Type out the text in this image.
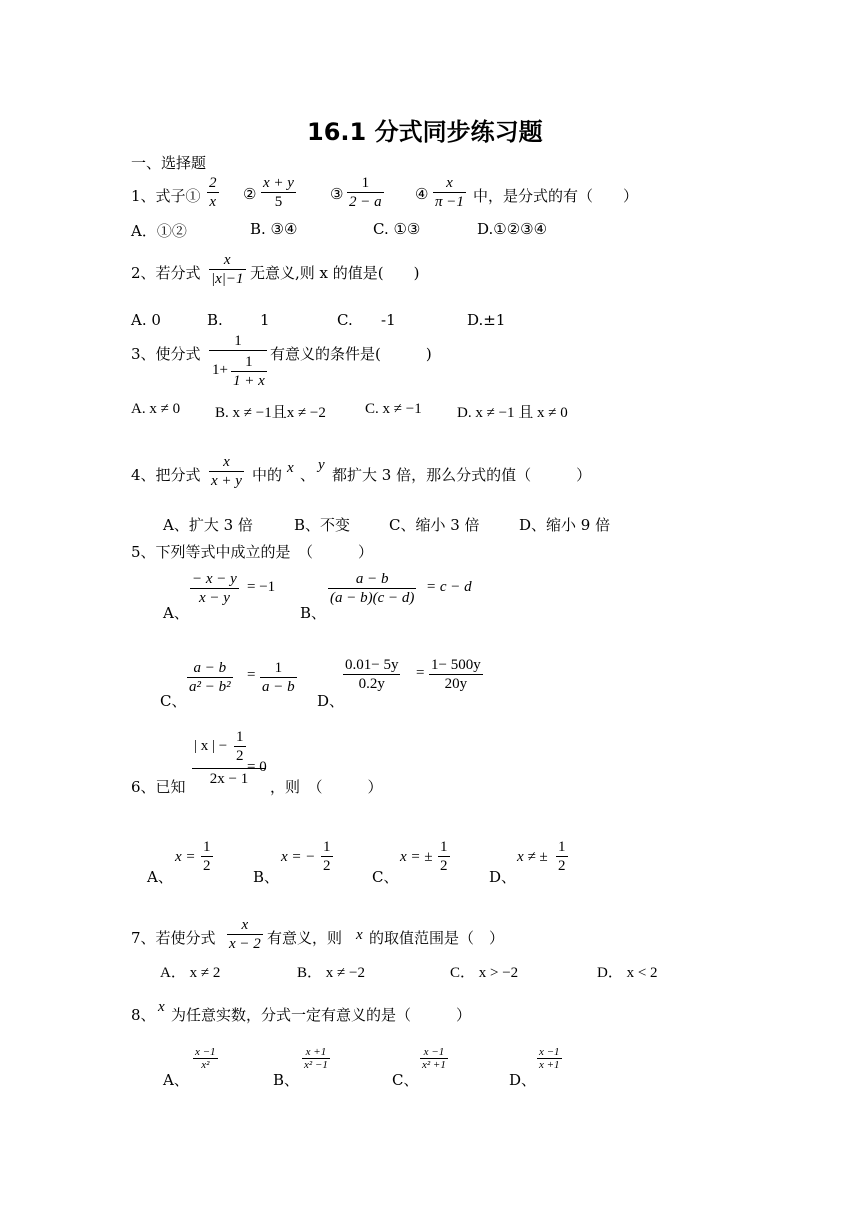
16.1 分式同步练习题
一、选择题
1、式子① $\frac{2}{x}$ ② $\frac{x + y}{5}$ ③ $\frac{1}{2 - a}$ ④ $\frac{x}{\pi -1}$ 中，是分式的有（　　）
A．①②	B. ③④	C. ①③	D.①②③④
2、若分式 $\frac{x}{|x|-1}$ 无意义,则 x 的值是(　　)
A. 0	B. 1	C. -1	D.±1
3、使分式 $\frac{1}{1+ \frac{1}{1 + x}}$ 有意义的条件是(　　　)
A. x ≠ 0 B. x ≠ −1且x ≠ −2	C. x ≠ −1 D. x ≠ −1 且 x ≠ 0
4、把分式 $\frac{x}{x + y}$ 中的 x 、
y
都扩大 3 倍，那么分式的值（　　　）
A、扩大 3 倍	B、不变	C、缩小 3 倍	D、缩小 9 倍
5、下列等式中成立的是　（　　　）
A、
$\frac{- x - y}{x - y} = -1$
B、
$\frac{a - b}{(a - b)(c - d)} = c - d$
C、
$\frac{a - b}{\text{a² − b²}} = \frac{1}{a - b}$
D、
$\frac{0.01- 5y}{0.2y} = \frac{1- 500y}{20y}$
$\frac{| x | - \frac{1}{2}}{2x - 1}$
= 0
6、已知	，则　（　　　）
A、
$x = \frac{1}{2}$
B、
x = − $\frac{1}{2}$
C、
x = ± $\frac{1}{2}$
D、
x ≠ ± $\frac{1}{2}$
7、若使分式 $\frac{x}{x - 2}$ 有意义，则 x 的取值范围是（　）
A． x ≠ 2	B． x ≠ −2	C． x > −2	D． x < 2
8、 x 为任意实数，分式一定有意义的是（　　　）
A、
$\frac{x -1}{\text{x²}}$
B、
$\frac{x +1}{\text{x² −1}}$
C、
$\frac{x -1}{\text{x² +1}}$
D、
$\frac{x -1}{x +1}$
